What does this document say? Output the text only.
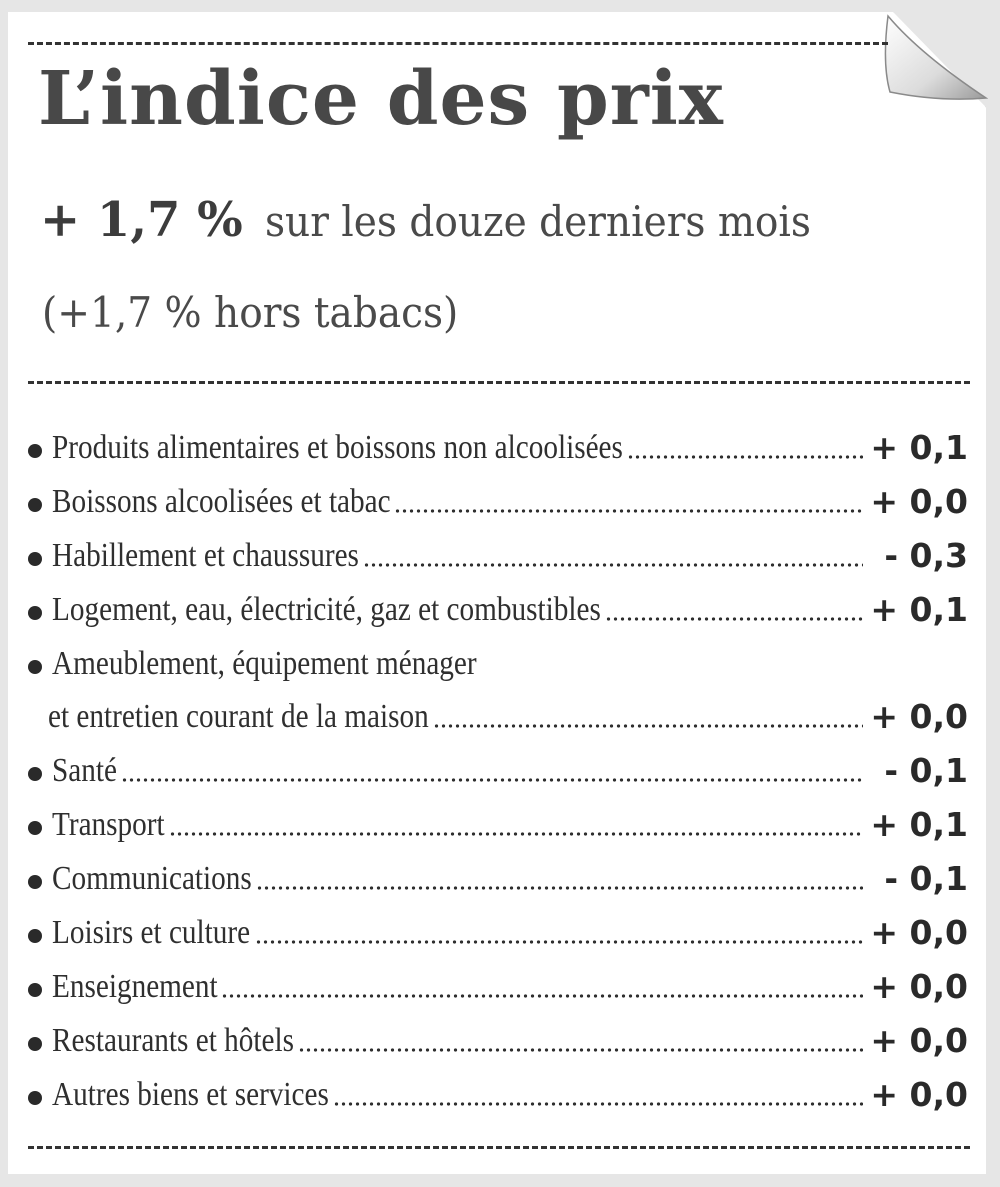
L’indice des prix
+ 1,7 % sur les douze derniers mois
(+1,7 % hors tabacs)
Produits alimentaires et boissons non alcoolisées	+ 0,1
Boissons alcoolisées et tabac	+ 0,0
Habillement et chaussures	- 0,3
Logement, eau, électricité, gaz et combustibles	+ 0,1
Ameublement, équipement ménager
et entretien courant de la maison	+ 0,0
Santé	- 0,1
Transport	+ 0,1
Communications	- 0,1
Loisirs et culture	+ 0,0
Enseignement	+ 0,0
Restaurants et hôtels	+ 0,0
Autres biens et services	+ 0,0
